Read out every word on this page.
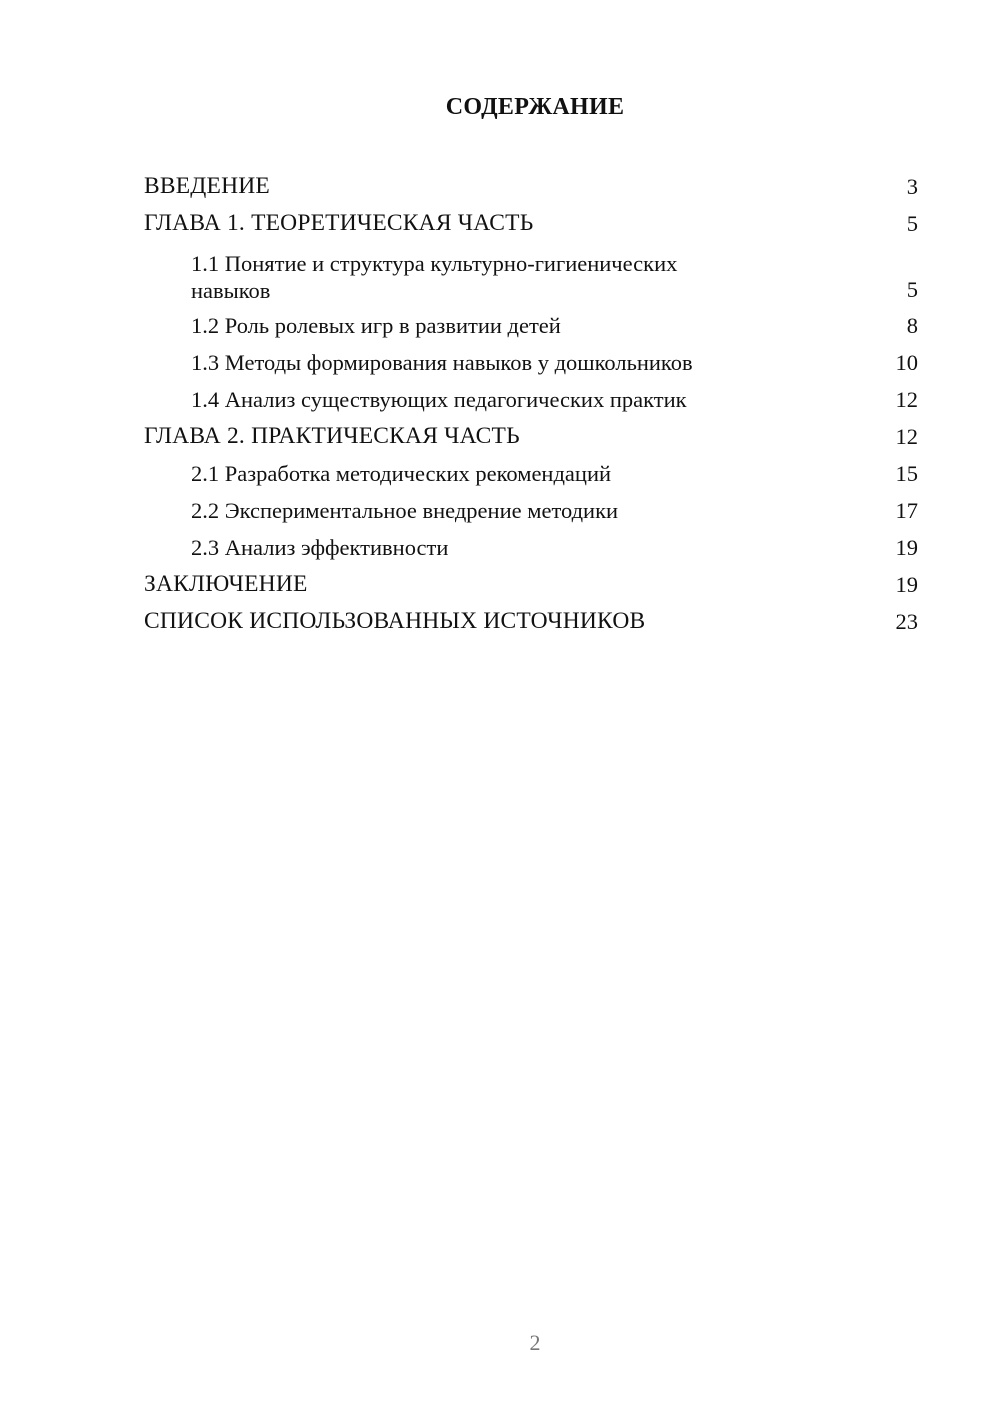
СОДЕРЖАНИЕ
ВВЕДЕНИЕ	3
ГЛАВА 1. ТЕОРЕТИЧЕСКАЯ ЧАСТЬ	5
1.1 Понятие и структура культурно-гигиенических навыков	5
1.2 Роль ролевых игр в развитии детей	8
1.3 Методы формирования навыков у дошкольников	10
1.4 Анализ существующих педагогических практик	12
ГЛАВА 2. ПРАКТИЧЕСКАЯ ЧАСТЬ	12
2.1 Разработка методических рекомендаций	15
2.2 Экспериментальное внедрение методики	17
2.3 Анализ эффективности	19
ЗАКЛЮЧЕНИЕ	19
СПИСОК ИСПОЛЬЗОВАННЫХ ИСТОЧНИКОВ	23
2
